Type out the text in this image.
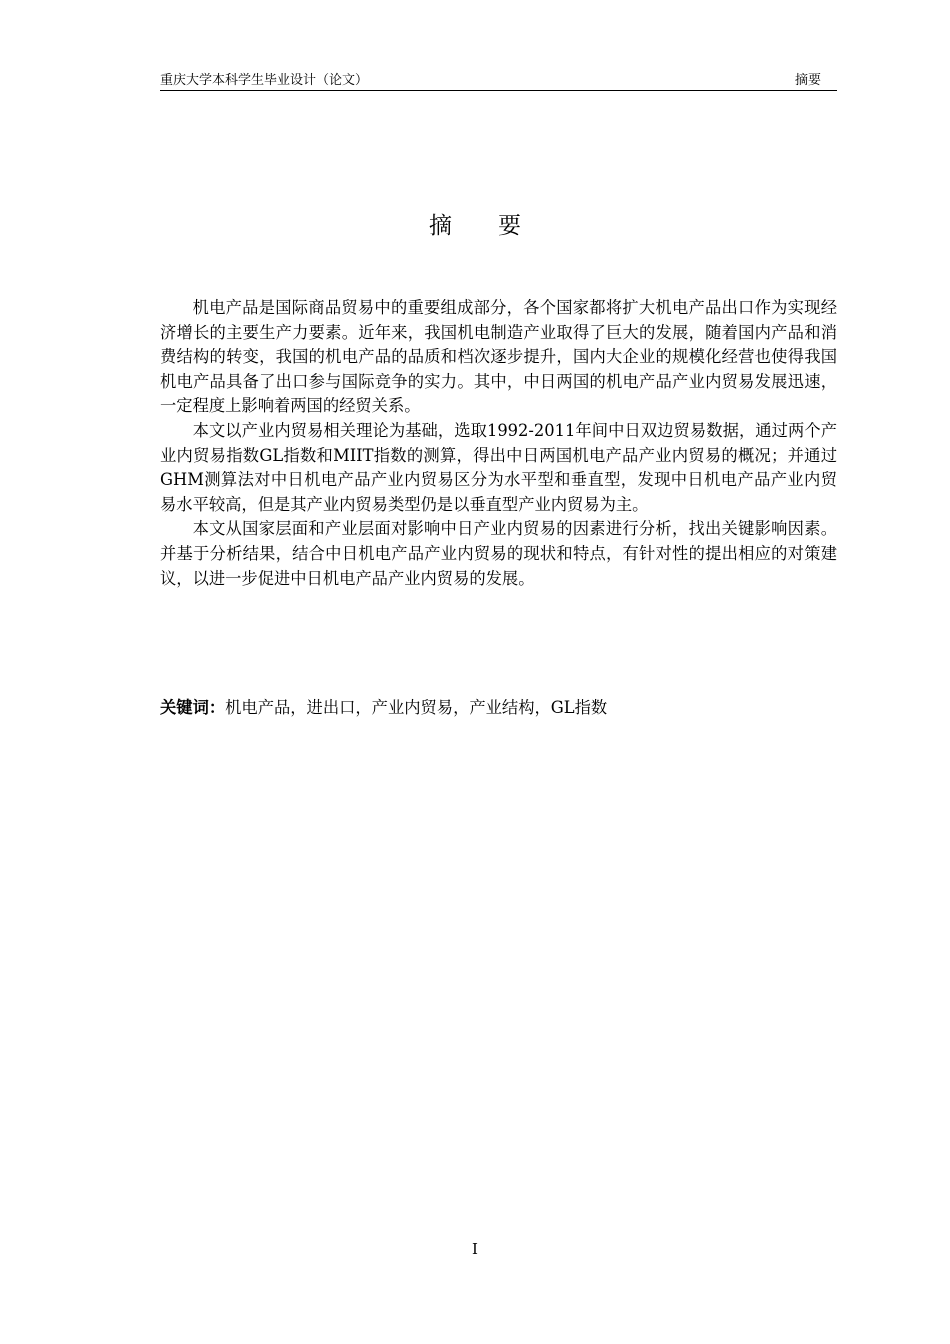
重庆大学本科学生毕业设计（论文）	摘要
摘要

机电产品是国际商品贸易中的重要组成部分，各个国家都将扩大机电产品出口作为实现经济增长的主要生产力要素。近年来，我国机电制造产业取得了巨大的发展，随着国内产品和消费结构的转变，我国的机电产品的品质和档次逐步提升，国内大企业的规模化经营也使得我国机电产品具备了出口参与国际竞争的实力。其中，中日两国的机电产品产业内贸易发展迅速，一定程度上影响着两国的经贸关系。

本文以产业内贸易相关理论为基础，选取1992-2011年间中日双边贸易数据，通过两个产业内贸易指数GL指数和MIIT指数的测算，得出中日两国机电产品产业内贸易的概况；并通过GHM测算法对中日机电产品产业内贸易区分为水平型和垂直型，发现中日机电产品产业内贸易水平较高，但是其产业内贸易类型仍是以垂直型产业内贸易为主。

本文从国家层面和产业层面对影响中日产业内贸易的因素进行分析，找出关键影响因素。并基于分析结果，结合中日机电产品产业内贸易的现状和特点，有针对性的提出相应的对策建议，以进一步促进中日机电产品产业内贸易的发展。

关键词：机电产品，进出口，产业内贸易，产业结构，GL指数
I
